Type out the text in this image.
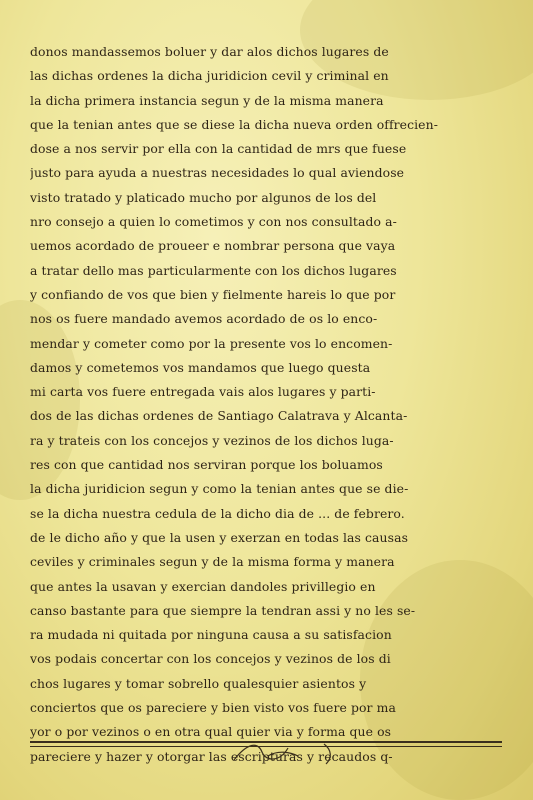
donos mandassemos boluer y dar alos dichos lugares de
las dichas ordenes la dicha juridicion cevil y criminal en
la dicha primera instancia segun y de la misma manera
que la tenian antes que se diese la dicha nueva orden offrecien-
dose a nos servir por ella con la cantidad de mrs que fuese
justo para ayuda a nuestras necesidades lo qual aviendose
visto tratado y platicado mucho por algunos de los del
nro consejo a quien lo cometimos y con nos consultado a-
uemos acordado de proueer e nombrar persona que vaya
a tratar dello mas particularmente con los dichos lugares
y confiando de vos que bien y fielmente hareis lo que por
nos os fuere mandado avemos acordado de os lo enco-
mendar y cometer como por la presente vos lo encomen-
damos y cometemos vos mandamos que luego questa
mi carta vos fuere entregada vais alos lugares y parti-
dos de las dichas ordenes de Santiago Calatrava y Alcanta-
ra y trateis con los concejos y vezinos de los dichos luga-
res con que cantidad nos serviran porque los boluamos
la dicha juridicion segun y como la tenian antes que se die-
se la dicha nuestra cedula de la dicho dia de ... de febrero.
de le dicho año y que la usen y exerzan en todas las causas
ceviles y criminales segun y de la misma forma y manera
que antes la usavan y exercian dandoles privillegio en
canso bastante para que siempre la tendran assi y no les se-
ra mudada ni quitada por ninguna causa a su satisfacion
vos podais concertar con los concejos y vezinos de los di
chos lugares y tomar sobrello qualesquier asientos y
conciertos que os pareciere y bien visto vos fuere por ma
yor o por vezinos o en otra qual quier via y forma que os
pareciere y hazer y otorgar las escripturas y recaudos q-
